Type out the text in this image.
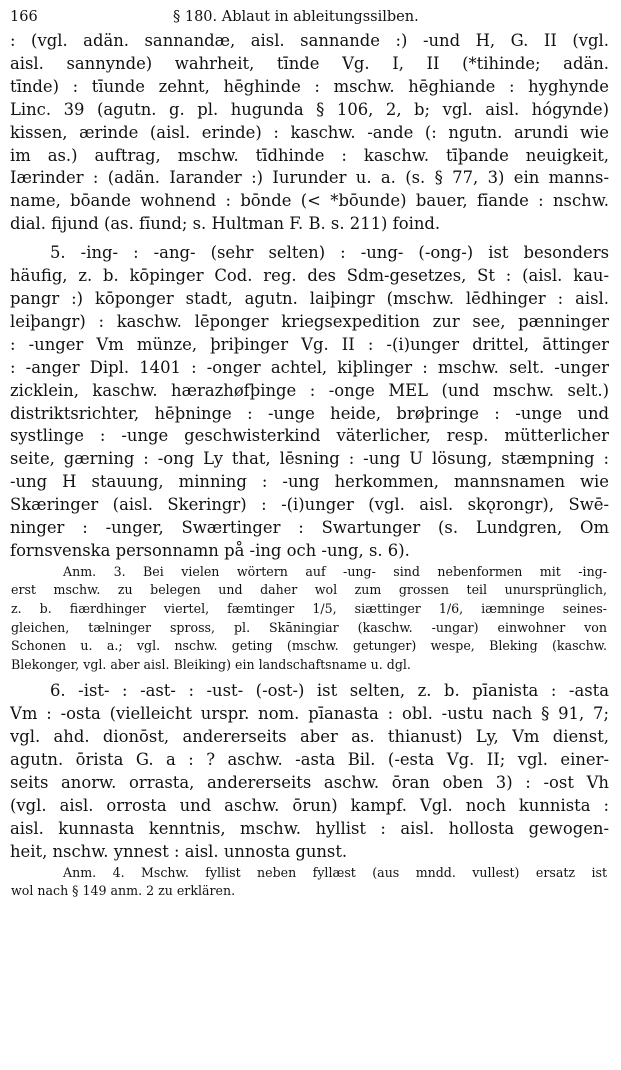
166	§ 180. Ablaut in ableitungssilben.
: (vgl. adän. sannandæ, aisl. sannande :) -und H, G. II (vgl.
aisl. sannynde) wahrheit, tīnde Vg. I, II (*tihinde; adän.
tīnde) : tīunde zehnt, hēghinde : mschw. hēghiande : hyghynde
Linc. 39 (agutn. g. pl. hugunda § 106, 2, b; vgl. aisl. hógynde)
kissen, ærinde (aisl. erinde) : kaschw. -ande (: ngutn. arundi wie
im as.) auftrag, mschw. tīdhinde : kaschw. tīþande neuigkeit,
Iærinder : (adän. Iarander :) Iurunder u. a. (s. § 77, 3) ein manns-
name, bōande wohnend : bōnde (< *bōunde) bauer, fīande : nschw.
dial. fijund (as. fīund; s. Hultman F. B. s. 211) foind.
5. -ing- : -ang- (sehr selten) : -ung- (-ong-) ist besonders
häufig, z. b. kōpinger Cod. reg. des Sdm-gesetzes, St : (aisl. kau-
pangr :) kōponger stadt, agutn. laiþingr (mschw. lēdhinger : aisl.
leiþangr) : kaschw. lēponger kriegsexpedition zur see, pænninger
: -unger Vm münze, þriþinger Vg. II : -(i)unger drittel, āttinger
: -anger Dipl. 1401 : -onger achtel, kiþlinger : mschw. selt. -unger
zicklein, kaschw. hærazhøfþinge : -onge MEL (und mschw. selt.)
distriktsrichter, hēþninge : -unge heide, brøþringe : -unge und
systlinge : -unge geschwisterkind väterlicher, resp. mütterlicher
seite, gærning : -ong Ly that, lēsning : -ung U lösung, stæmpning :
-ung H stauung, minning : -ung herkommen, mannsnamen wie
Skæringer (aisl. Skeringr) : -(i)unger (vgl. aisl. skǫrongr), Swē-
ninger : -unger, Swærtinger : Swartunger (s. Lundgren, Om
fornsvenska personnamn på -ing och -ung, s. 6).
Anm. 3. Bei vielen wörtern auf -ung- sind nebenformen mit -ing-
erst mschw. zu belegen und daher wol zum grossen teil unursprünglich,
z. b. fiærdhinger viertel, fæmtinger 1/5, siættinger 1/6, iæmninge seines-
gleichen, tælninger spross, pl. Skāningiar (kaschw. -ungar) einwohner von
Schonen u. a.; vgl. nschw. geting (mschw. getunger) wespe, Bleking (kaschw.
Blekonger, vgl. aber aisl. Bleiking) ein landschaftsname u. dgl.
6. -ist- : -ast- : -ust- (-ost-) ist selten, z. b. pīanista : -asta
Vm : -osta (vielleicht urspr. nom. pīanasta : obl. -ustu nach § 91, 7;
vgl. ahd. dionōst, andererseits aber as. thianust) Ly, Vm dienst,
agutn. ōrista G. a : ? aschw. -asta Bil. (-esta Vg. II; vgl. einer-
seits anorw. orrasta, andererseits aschw. ōran oben 3) : -ost Vh
(vgl. aisl. orrosta und aschw. ōrun) kampf. Vgl. noch kunnista :
aisl. kunnasta kenntnis, mschw. hyllist : aisl. hollosta gewogen-
heit, nschw. ynnest : aisl. unnosta gunst.
Anm. 4. Mschw. fyllist neben fyllæst (aus mndd. vullest) ersatz ist
wol nach § 149 anm. 2 zu erklären.
